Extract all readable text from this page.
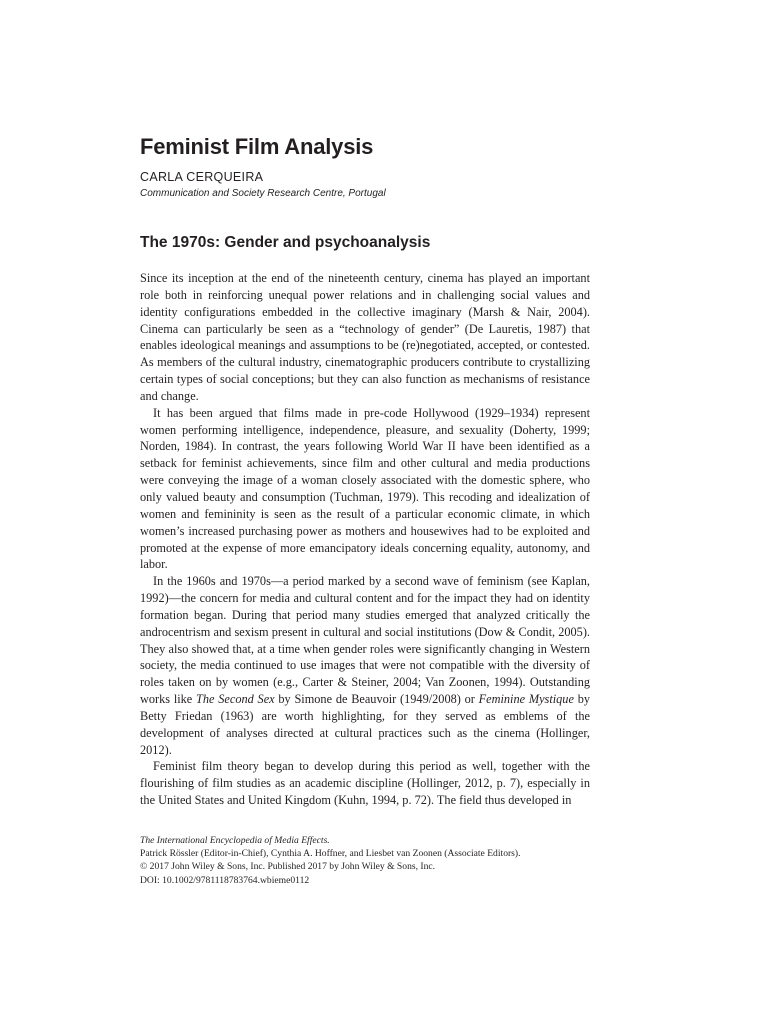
Feminist Film Analysis
CARLA CERQUEIRA
Communication and Society Research Centre, Portugal
The 1970s: Gender and psychoanalysis

Since its inception at the end of the nineteenth century, cinema has played an important role both in reinforcing unequal power relations and in challenging social values and identity configurations embedded in the collective imaginary (Marsh & Nair, 2004). Cinema can particularly be seen as a “technology of gender” (De Lauretis, 1987) that enables ideological meanings and assumptions to be (re)negotiated, accepted, or contested. As members of the cultural industry, cinematographic producers contribute to crystallizing certain types of social conceptions; but they can also function as mechanisms of resistance and change.

It has been argued that films made in pre-code Hollywood (1929–1934) represent women performing intelligence, independence, pleasure, and sexuality (Doherty, 1999; Norden, 1984). In contrast, the years following World War II have been identified as a setback for feminist achievements, since film and other cultural and media productions were conveying the image of a woman closely associated with the domestic sphere, who only valued beauty and consumption (Tuchman, 1979). This recoding and idealization of women and femininity is seen as the result of a particular economic climate, in which women’s increased purchasing power as mothers and housewives had to be exploited and promoted at the expense of more emancipatory ideals concerning equality, autonomy, and labor.

In the 1960s and 1970s—a period marked by a second wave of feminism (see Kaplan, 1992)—the concern for media and cultural content and for the impact they had on identity formation began. During that period many studies emerged that analyzed critically the androcentrism and sexism present in cultural and social institutions (Dow & Condit, 2005). They also showed that, at a time when gender roles were significantly changing in Western society, the media continued to use images that were not compatible with the diversity of roles taken on by women (e.g., Carter & Steiner, 2004; Van Zoonen, 1994). Outstanding works like The Second Sex by Simone de Beauvoir (1949/2008) or Feminine Mystique by Betty Friedan (1963) are worth highlighting, for they served as emblems of the development of analyses directed at cultural practices such as the cinema (Hollinger, 2012).

Feminist film theory began to develop during this period as well, together with the flourishing of film studies as an academic discipline (Hollinger, 2012, p. 7), especially in the United States and United Kingdom (Kuhn, 1994, p. 72). The field thus developed in

The International Encyclopedia of Media Effects.
Patrick Rössler (Editor-in-Chief), Cynthia A. Hoffner, and Liesbet van Zoonen (Associate Editors).
© 2017 John Wiley & Sons, Inc. Published 2017 by John Wiley & Sons, Inc.
DOI: 10.1002/9781118783764.wbieme0112
